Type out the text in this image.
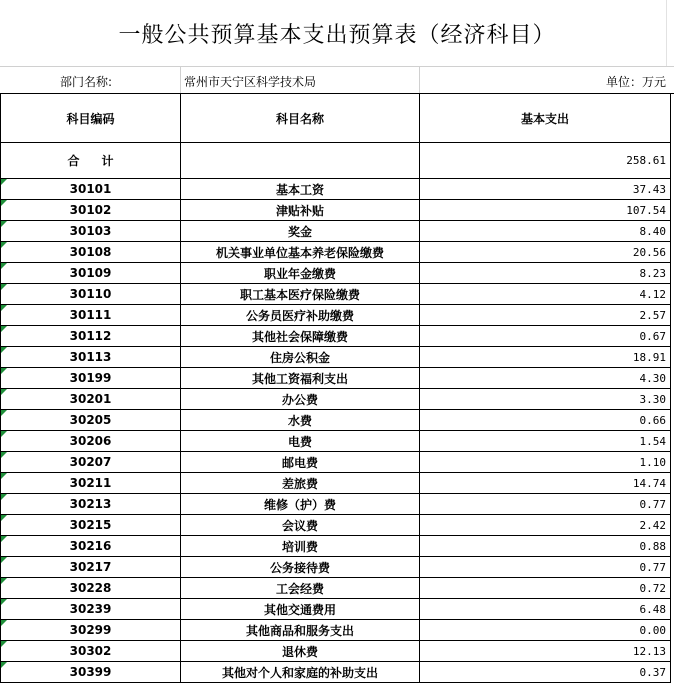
一般公共预算基本支出预算表（经济科目）
部门名称:	常州市天宁区科学技术局	单位：万元
科目编码	科目名称	基本支出
合计		258.61
30101	基本工资	37.43
30102	津贴补贴	107.54
30103	奖金	8.40
30108	机关事业单位基本养老保险缴费	20.56
30109	职业年金缴费	8.23
30110	职工基本医疗保险缴费	4.12
30111	公务员医疗补助缴费	2.57
30112	其他社会保障缴费	0.67
30113	住房公积金	18.91
30199	其他工资福利支出	4.30
30201	办公费	3.30
30205	水费	0.66
30206	电费	1.54
30207	邮电费	1.10
30211	差旅费	14.74
30213	维修（护）费	0.77
30215	会议费	2.42
30216	培训费	0.88
30217	公务接待费	0.77
30228	工会经费	0.72
30239	其他交通费用	6.48
30299	其他商品和服务支出	0.00
30302	退休费	12.13
30399	其他对个人和家庭的补助支出	0.37
